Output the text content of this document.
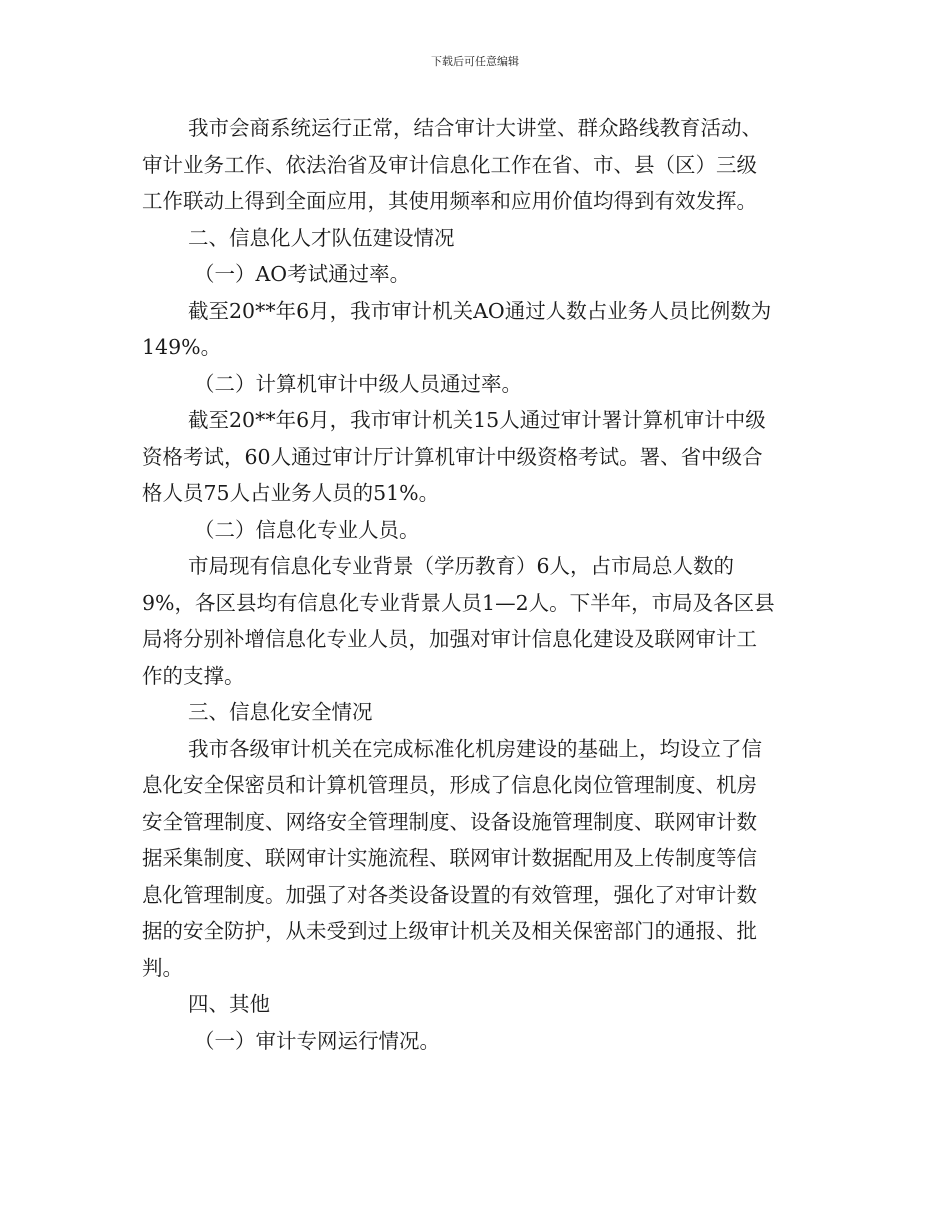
下载后可任意编辑
我市会商系统运行正常，结合审计大讲堂、群众路线教育活动、
审计业务工作、依法治省及审计信息化工作在省、市、县（区）三级
工作联动上得到全面应用，其使用频率和应用价值均得到有效发挥。
二、信息化人才队伍建设情况
（一）AO考试通过率。
截至20**年6月，我市审计机关AO通过人数占业务人员比例数为
149%。
（二）计算机审计中级人员通过率。
截至20**年6月，我市审计机关15人通过审计署计算机审计中级
资格考试，60人通过审计厅计算机审计中级资格考试。署、省中级合
格人员75人占业务人员的51%。
（二）信息化专业人员。
市局现有信息化专业背景（学历教育）6人，占市局总人数的
9%，各区县均有信息化专业背景人员1—2人。下半年，市局及各区县
局将分别补增信息化专业人员，加强对审计信息化建设及联网审计工
作的支撑。
三、信息化安全情况
我市各级审计机关在完成标准化机房建设的基础上，均设立了信
息化安全保密员和计算机管理员，形成了信息化岗位管理制度、机房
安全管理制度、网络安全管理制度、设备设施管理制度、联网审计数
据采集制度、联网审计实施流程、联网审计数据配用及上传制度等信
息化管理制度。加强了对各类设备设置的有效管理，强化了对审计数
据的安全防护，从未受到过上级审计机关及相关保密部门的通报、批
判。
四、其他
（一）审计专网运行情况。
